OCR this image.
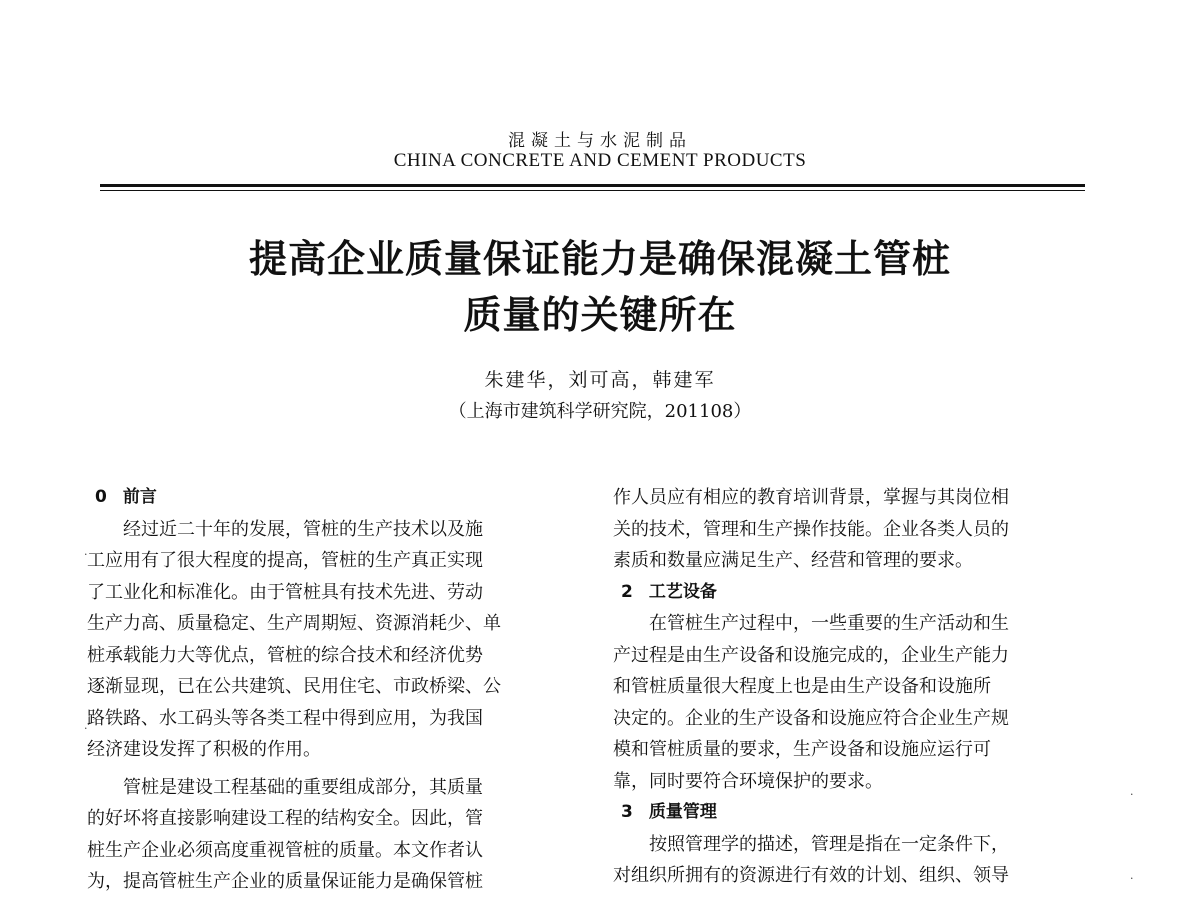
混凝土与水泥制品
CHINA CONCRETE AND CEMENT PRODUCTS
提高企业质量保证能力是确保混凝土管桩
质量的关键所在
朱建华，刘可高，韩建军
（上海市建筑科学研究院，201108）
0 前言
　　经过近二十年的发展，管桩的生产技术以及施
工应用有了很大程度的提高，管桩的生产真正实现
了工业化和标准化。由于管桩具有技术先进、劳动
生产力高、质量稳定、生产周期短、资源消耗少、单
桩承载能力大等优点，管桩的综合技术和经济优势
逐渐显现，已在公共建筑、民用住宅、市政桥梁、公
路铁路、水工码头等各类工程中得到应用，为我国
经济建设发挥了积极的作用。
　　管桩是建设工程基础的重要组成部分，其质量
的好坏将直接影响建设工程的结构安全。因此，管
桩生产企业必须高度重视管桩的质量。本文作者认
为，提高管桩生产企业的质量保证能力是确保管桩
作人员应有相应的教育培训背景，掌握与其岗位相
关的技术，管理和生产操作技能。企业各类人员的
素质和数量应满足生产、经营和管理的要求。
2 工艺设备
　　在管桩生产过程中，一些重要的生产活动和生
产过程是由生产设备和设施完成的，企业生产能力
和管桩质量很大程度上也是由生产设备和设施所
决定的。企业的生产设备和设施应符合企业生产规
模和管桩质量的要求，生产设备和设施应运行可
靠，同时要符合环境保护的要求。
3 质量管理
　　按照管理学的描述，管理是指在一定条件下，
对组织所拥有的资源进行有效的计划、组织、领导
·
·
·
·
